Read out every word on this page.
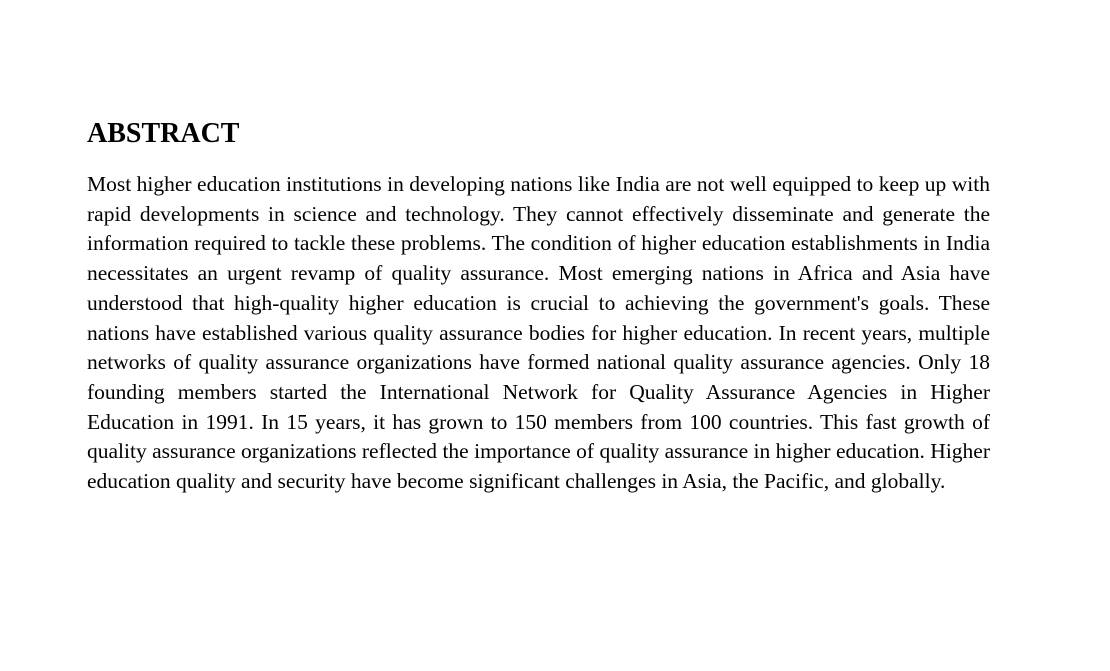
ABSTRACT

Most higher education institutions in developing nations like India are not well equipped to keep up with rapid developments in science and technology. They cannot effectively disseminate and generate the information required to tackle these problems. The condition of higher education establishments in India necessitates an urgent revamp of quality assurance. Most emerging nations in Africa and Asia have understood that high-quality higher education is crucial to achieving the government's goals. These nations have established various quality assurance bodies for higher education. In recent years, multiple networks of quality assurance organizations have formed national quality assurance agencies. Only 18 founding members started the International Network for Quality Assurance Agencies in Higher Education in 1991. In 15 years, it has grown to 150 members from 100 countries. This fast growth of quality assurance organizations reflected the importance of quality assurance in higher education. Higher education quality and security have become significant challenges in Asia, the Pacific, and globally.
